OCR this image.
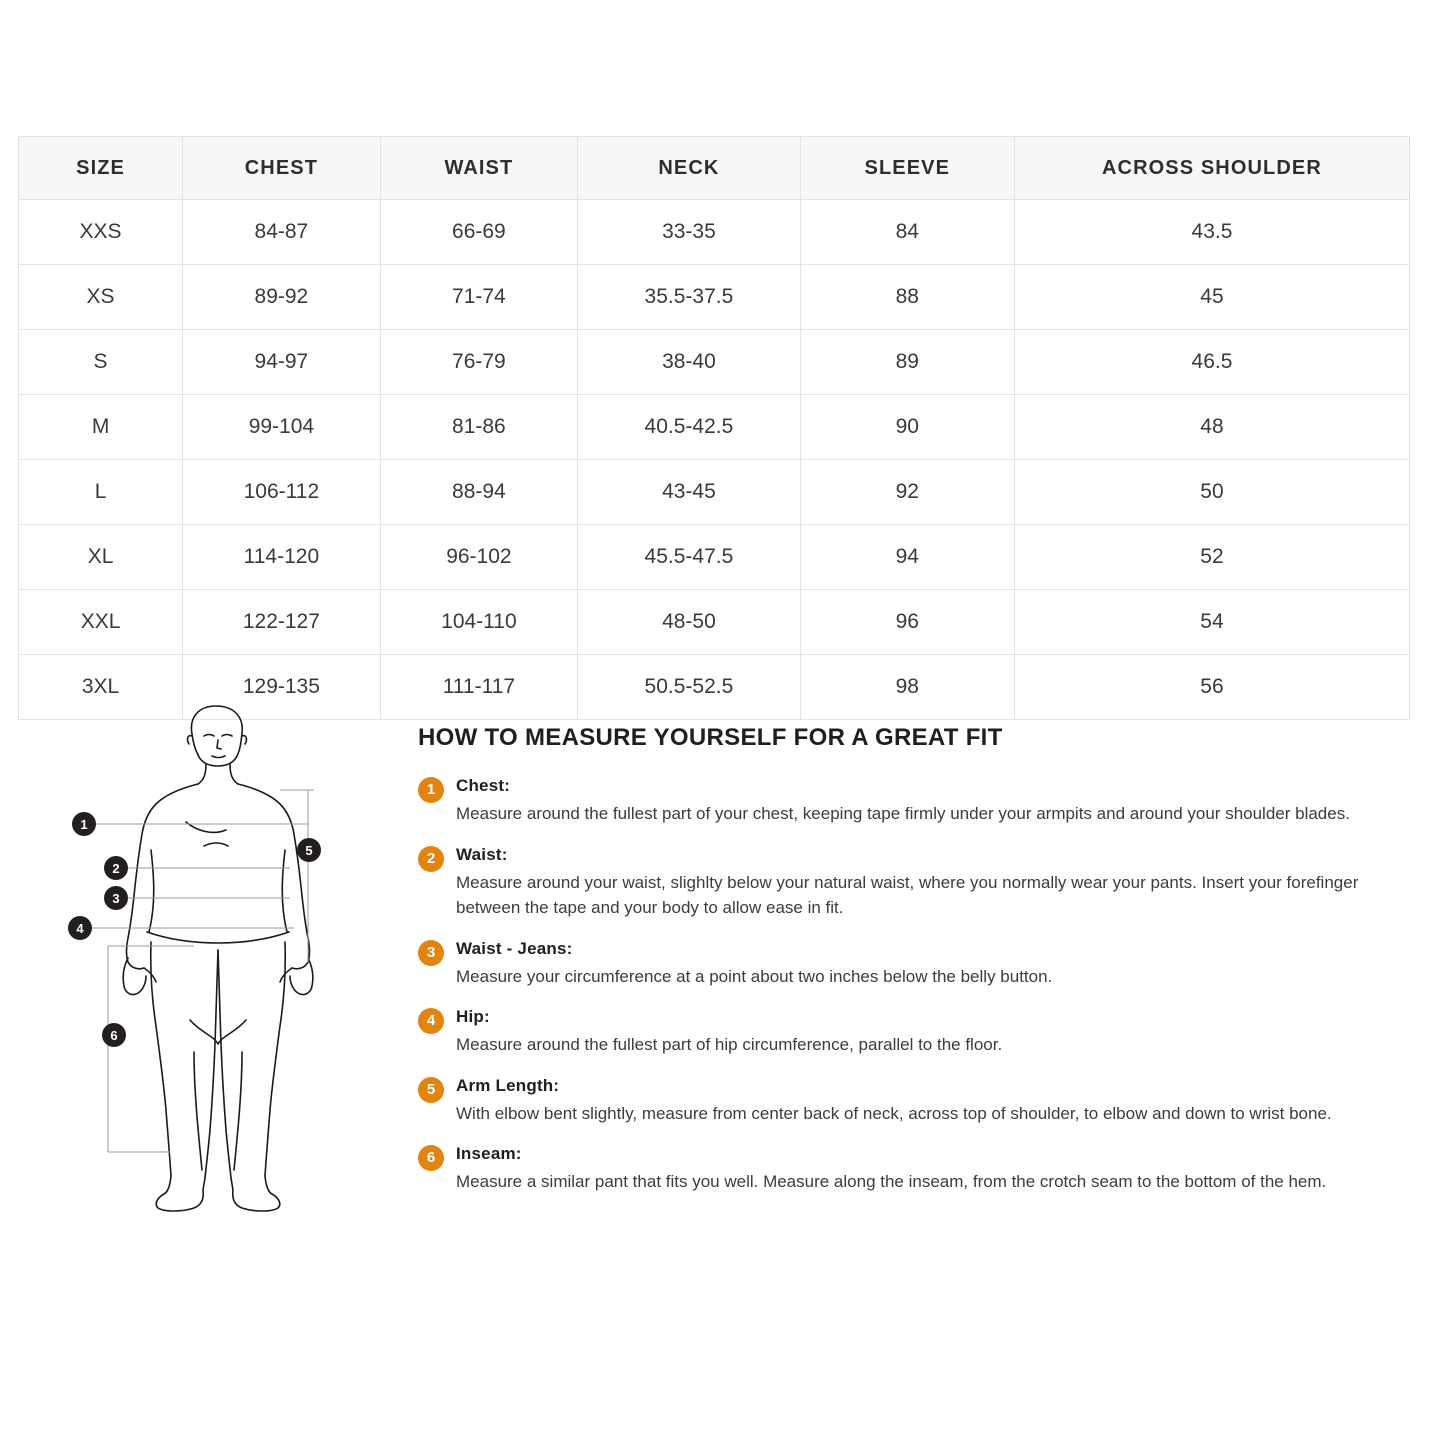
SIZE	CHEST	WAIST	NECK	SLEEVE	ACROSS SHOULDER
XXS	84-87	66-69	33-35	84	43.5
XS	89-92	71-74	35.5-37.5	88	45
S	94-97	76-79	38-40	89	46.5
M	99-104	81-86	40.5-42.5	90	48
L	106-112	88-94	43-45	92	50
XL	114-120	96-102	45.5-47.5	94	52
XXL	122-127	104-110	48-50	96	54
3XL	129-135	111-117	50.5-52.5	98	56
1
2
3
4
5
6
HOW TO MEASURE YOURSELF FOR A GREAT FIT
1	Chest:
Measure around the fullest part of your chest, keeping tape firmly under your armpits and around your shoulder blades.
2	Waist:
Measure around your waist, slighlty below your natural waist, where you normally wear your pants. Insert your forefinger between the tape and your body to allow ease in fit.
3	Waist - Jeans:
Measure your circumference at a point about two inches below the belly button.
4	Hip:
Measure around the fullest part of hip circumference, parallel to the floor.
5	Arm Length:
With elbow bent slightly, measure from center back of neck, across top of shoulder, to elbow and down to wrist bone.
6	Inseam:
Measure a similar pant that fits you well. Measure along the inseam, from the crotch seam to the bottom of the hem.
